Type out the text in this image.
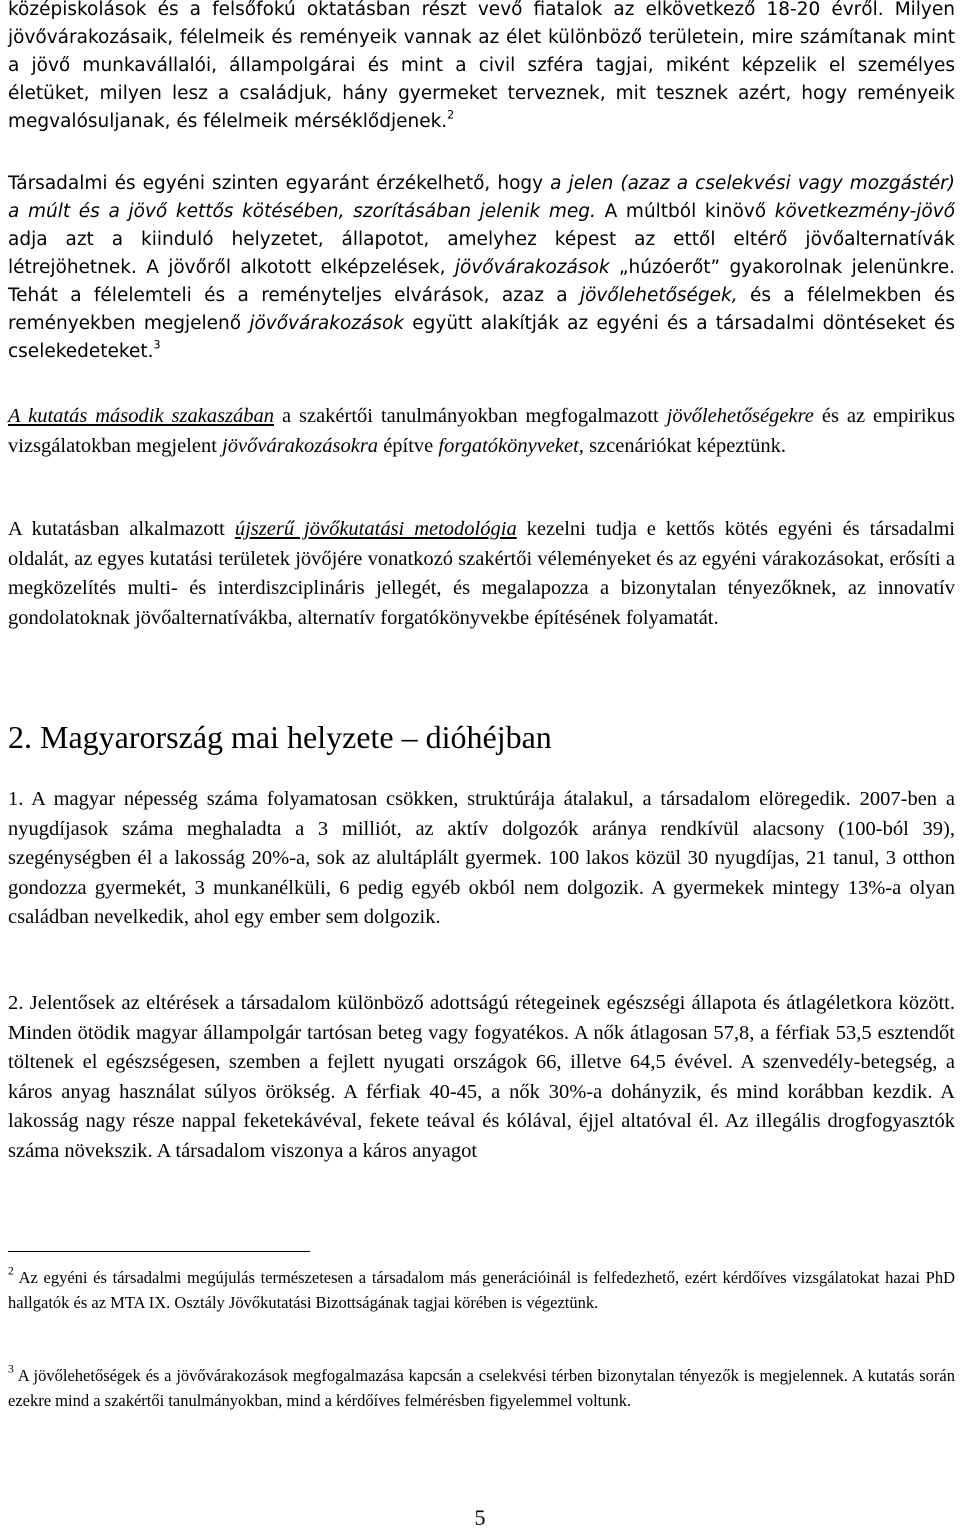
középiskolások és a felsőfokú oktatásban részt vevő fiatalok az elkövetkező 18-20 évről. Milyen jövővárakozásaik, félelmeik és reményeik vannak az élet különböző területein, mire számítanak mint a jövő munkavállalói, állampolgárai és mint a civil szféra tagjai, miként képzelik el személyes életüket, milyen lesz a családjuk, hány gyermeket terveznek, mit tesznek azért, hogy reményeik megvalósuljanak, és félelmeik mérséklődjenek.$^2$

Társadalmi és egyéni szinten egyaránt érzékelhető, hogy a jelen (azaz a cselekvési vagy mozgástér) a múlt és a jövő kettős kötésében, szorításában jelenik meg. A múltból kinövő következmény-jövő adja azt a kiinduló helyzetet, állapotot, amelyhez képest az ettől eltérő jövőalternatívák létrejöhetnek. A jövőről alkotott elképzelések, jövővárakozások „húzóerőt” gyakorolnak jelenünkre. Tehát a félelemteli és a reményteljes elvárások, azaz a jövőlehetőségek, és a félelmekben és reményekben megjelenő jövővárakozások együtt alakítják az egyéni és a társadalmi döntéseket és cselekedeteket.$^3$

A kutatás második szakaszában a szakértői tanulmányokban megfogalmazott jövőlehetőségekre és az empirikus vizsgálatokban megjelent jövővárakozásokra építve forgatókönyveket, szcenáriókat képeztünk.

A kutatásban alkalmazott újszerű jövőkutatási metodológia kezelni tudja e kettős kötés egyéni és társadalmi oldalát, az egyes kutatási területek jövőjére vonatkozó szakértői véleményeket és az egyéni várakozásokat, erősíti a megközelítés multi- és interdiszciplináris jellegét, és megalapozza a bizonytalan tényezőknek, az innovatív gondolatoknak jövőalternatívákba, alternatív forgatókönyvekbe építésének folyamatát.

2. Magyarország mai helyzete – dióhéjban

1. A magyar népesség száma folyamatosan csökken, struktúrája átalakul, a társadalom elöregedik. 2007-ben a nyugdíjasok száma meghaladta a 3 milliót, az aktív dolgozók aránya rendkívül alacsony (100-ból 39), szegénységben él a lakosság 20%-a, sok az alultáplált gyermek. 100 lakos közül 30 nyugdíjas, 21 tanul, 3 otthon gondozza gyermekét, 3 munkanélküli, 6 pedig egyéb okból nem dolgozik. A gyermekek mintegy 13%-a olyan családban nevelkedik, ahol egy ember sem dolgozik.

2. Jelentősek az eltérések a társadalom különböző adottságú rétegeinek egészségi állapota és átlagéletkora között. Minden ötödik magyar állampolgár tartósan beteg vagy fogyatékos. A nők átlagosan 57,8, a férfiak 53,5 esztendőt töltenek el egészségesen, szemben a fejlett nyugati országok 66, illetve 64,5 évével. A szenvedély-betegség, a káros anyag használat súlyos örökség. A férfiak 40-45, a nők 30%-a dohányzik, és mind korábban kezdik. A lakosság nagy része nappal feketekávéval, fekete teával és kólával, éjjel altatóval él. Az illegális drogfogyasztók száma növekszik. A társadalom viszonya a káros anyagot

$^2$ Az egyéni és társadalmi megújulás természetesen a társadalom más generációinál is felfedezhető, ezért kérdőíves vizsgálatokat hazai PhD hallgatók és az MTA IX. Osztály Jövőkutatási Bizottságának tagjai körében is végeztünk.

$^3$ A jövőlehetőségek és a jövővárakozások megfogalmazása kapcsán a cselekvési térben bizonytalan tényezők is megjelennek. A kutatás során ezekre mind a szakértői tanulmányokban, mind a kérdőíves felmérésben figyelemmel voltunk.

5
